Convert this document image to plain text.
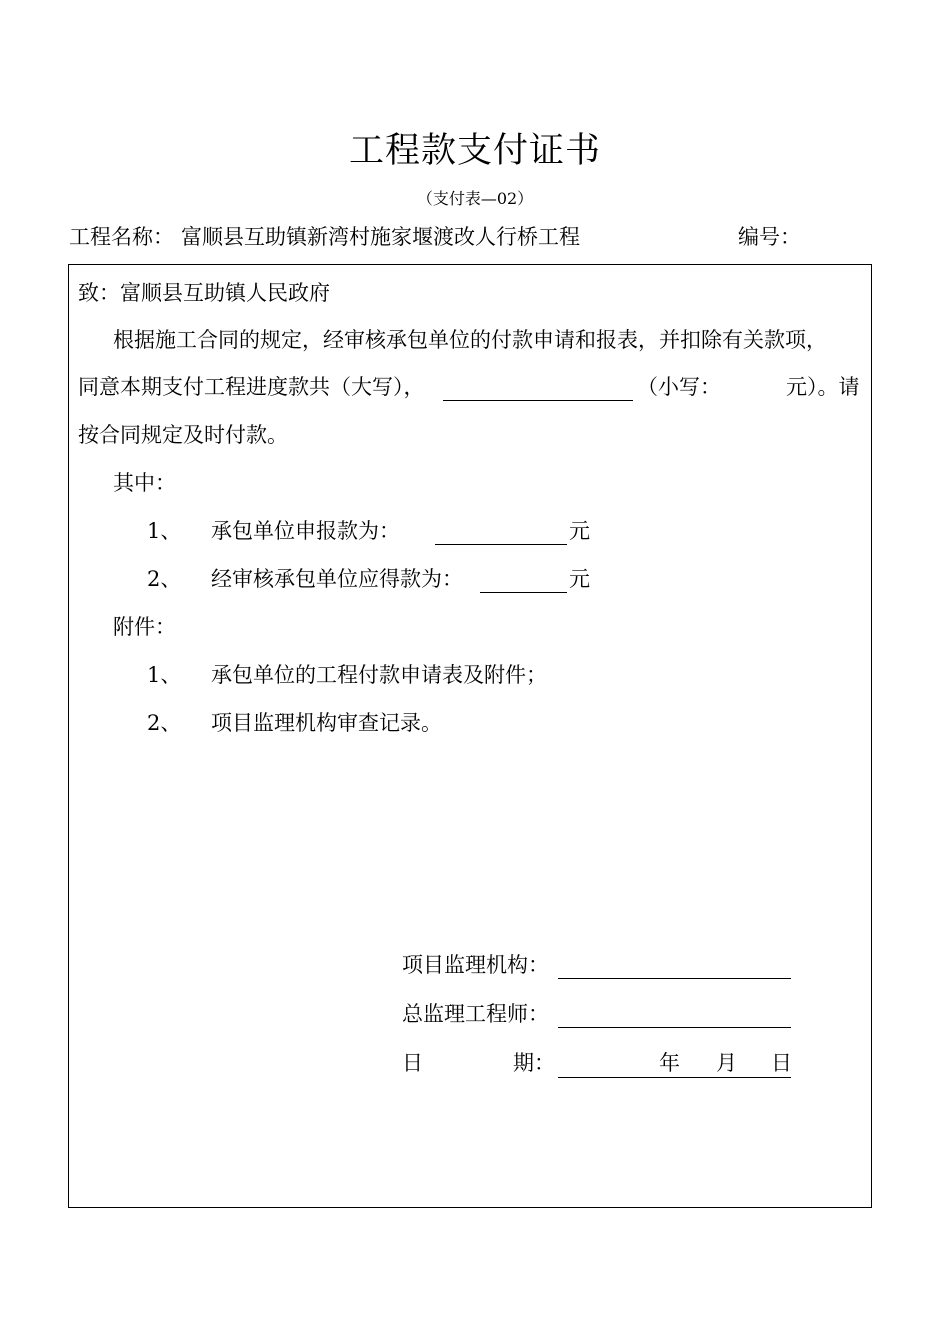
工程款支付证书
（支付表—02）
工程名称： 富顺县互助镇新湾村施家堰渡改人行桥工程	编号：
致：富顺县互助镇人民政府
根据施工合同的规定，经审核承包单位的付款申请和报表，并扣除有关款项，
同意本期支付工程进度款共（大写），	（小写：	元）。请
按合同规定及时付款。
其中：
1、 承包单位申报款为：	元
2、 经审核承包单位应得款为：	元
附件：
1、 承包单位的工程付款申请表及附件；
2、 项目监理机构审查记录。
项目监理机构：
总监理工程师：
日	期：	年 月 日
